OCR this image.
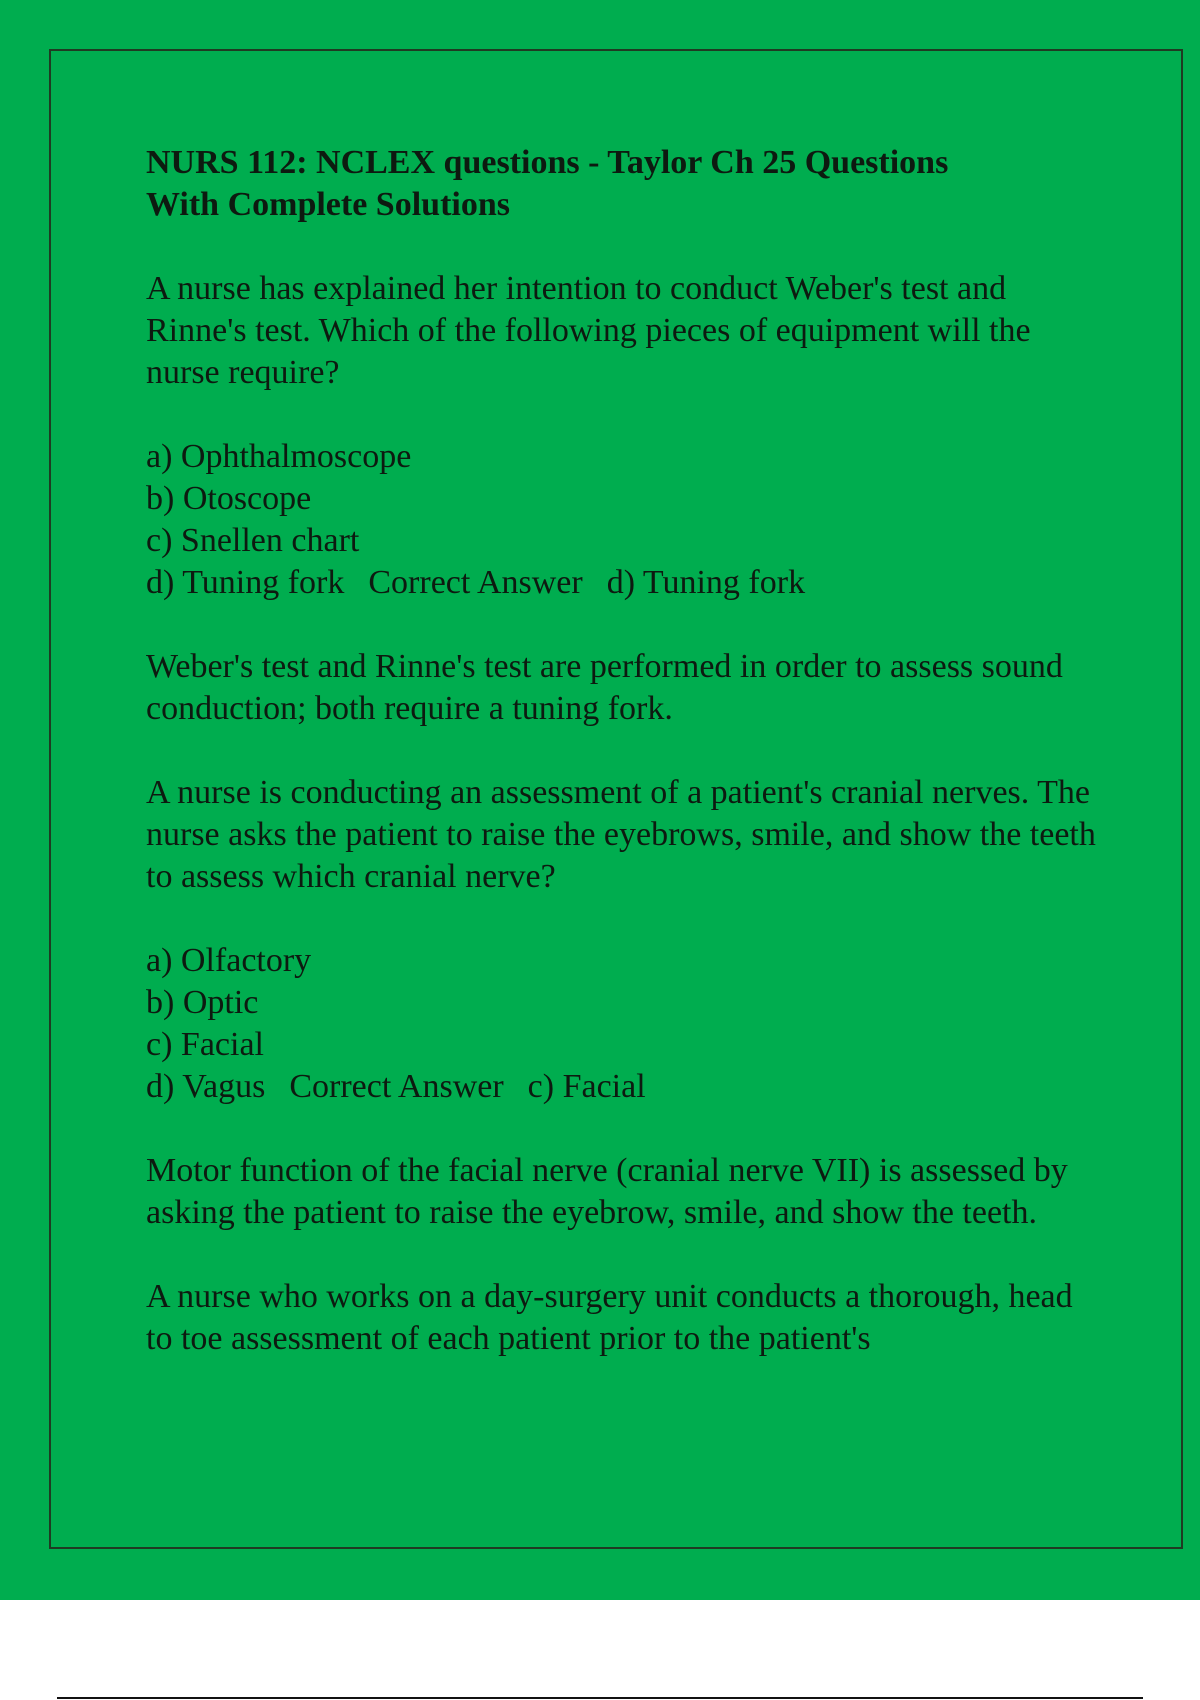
NURS 112: NCLEX questions - Taylor Ch 25 Questions
With Complete Solutions
A nurse has explained her intention to conduct Weber's test and Rinne's test. Which of the following pieces of equipment will the nurse require?
a) Ophthalmoscope
b) Otoscope
c) Snellen chart
d) Tuning fork Correct Answer d) Tuning fork
Weber's test and Rinne's test are performed in order to assess sound conduction; both require a tuning fork.
A nurse is conducting an assessment of a patient's cranial nerves. The nurse asks the patient to raise the eyebrows, smile, and show the teeth to assess which cranial nerve?
a) Olfactory
b) Optic
c) Facial
d) Vagus Correct Answer c) Facial
Motor function of the facial nerve (cranial nerve VII) is assessed by asking the patient to raise the eyebrow, smile, and show the teeth.
A nurse who works on a day-surgery unit conducts a thorough, head to toe assessment of each patient prior to the patient's
